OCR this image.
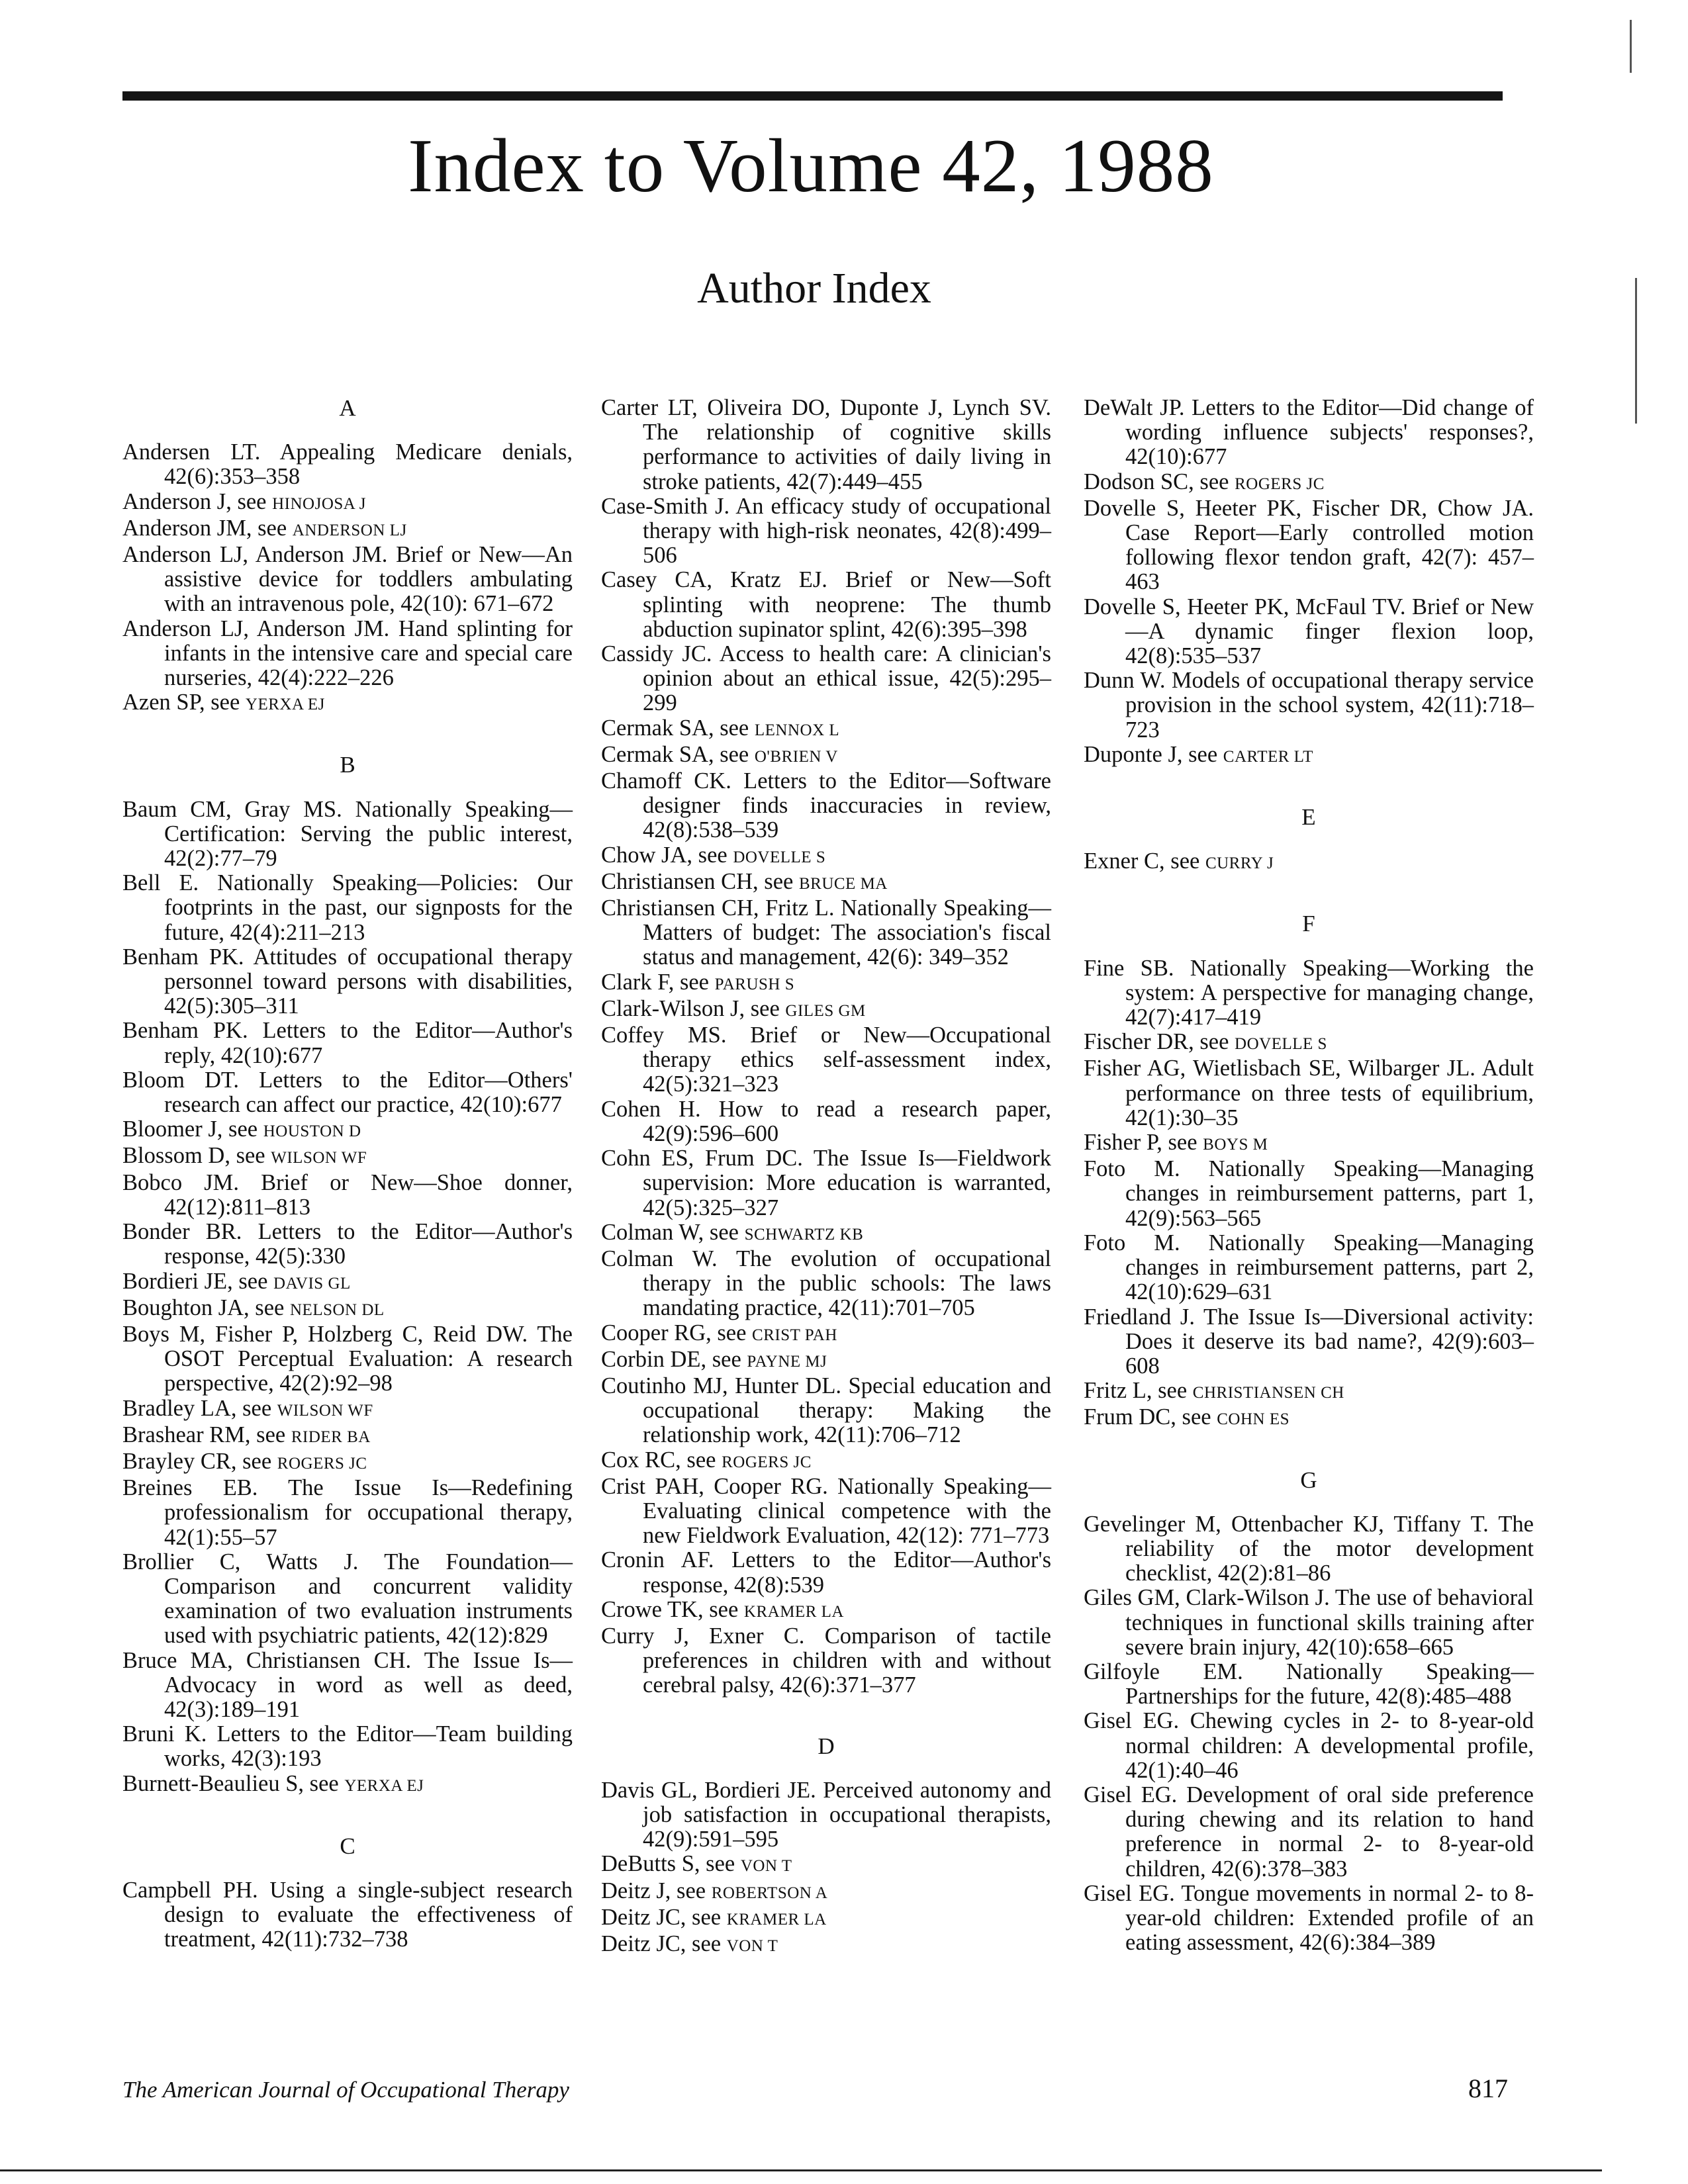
Index to Volume 42, 1988
Author Index

A

Andersen LT. Appealing Medicare denials, 42(6):353–358

Anderson J, see HINOJOSA J

Anderson JM, see ANDERSON LJ

Anderson LJ, Anderson JM. Brief or New—An assistive device for toddlers ambulating with an intravenous pole, 42(10): 671–672

Anderson LJ, Anderson JM. Hand splinting for infants in the intensive care and special care nurseries, 42(4):222–226

Azen SP, see YERXA EJ

B

Baum CM, Gray MS. Nationally Speaking—Certification: Serving the public interest, 42(2):77–79

Bell E. Nationally Speaking—Policies: Our footprints in the past, our signposts for the future, 42(4):211–213

Benham PK. Attitudes of occupational therapy personnel toward persons with disabilities, 42(5):305–311

Benham PK. Letters to the Editor—Author's reply, 42(10):677

Bloom DT. Letters to the Editor—Others' research can affect our practice, 42(10):677

Bloomer J, see HOUSTON D

Blossom D, see WILSON WF

Bobco JM. Brief or New—Shoe donner, 42(12):811–813

Bonder BR. Letters to the Editor—Author's response, 42(5):330

Bordieri JE, see DAVIS GL

Boughton JA, see NELSON DL

Boys M, Fisher P, Holzberg C, Reid DW. The OSOT Perceptual Evaluation: A research perspective, 42(2):92–98

Bradley LA, see WILSON WF

Brashear RM, see RIDER BA

Brayley CR, see ROGERS JC

Breines EB. The Issue Is—Redefining professionalism for occupational therapy, 42(1):55–57

Brollier C, Watts J. The Foundation—Comparison and concurrent validity examination of two evaluation instruments used with psychiatric patients, 42(12):829

Bruce MA, Christiansen CH. The Issue Is—Advocacy in word as well as deed, 42(3):189–191

Bruni K. Letters to the Editor—Team building works, 42(3):193

Burnett-Beaulieu S, see YERXA EJ

C

Campbell PH. Using a single-subject research design to evaluate the effectiveness of treatment, 42(11):732–738

Carter LT, Oliveira DO, Duponte J, Lynch SV. The relationship of cognitive skills performance to activities of daily living in stroke patients, 42(7):449–455

Case-Smith J. An efficacy study of occupational therapy with high-risk neonates, 42(8):499–506

Casey CA, Kratz EJ. Brief or New—Soft splinting with neoprene: The thumb abduction supinator splint, 42(6):395–398

Cassidy JC. Access to health care: A clinician's opinion about an ethical issue, 42(5):295–299

Cermak SA, see LENNOX L

Cermak SA, see O'BRIEN V

Chamoff CK. Letters to the Editor—Software designer finds inaccuracies in review, 42(8):538–539

Chow JA, see DOVELLE S

Christiansen CH, see BRUCE MA

Christiansen CH, Fritz L. Nationally Speaking—Matters of budget: The association's fiscal status and management, 42(6): 349–352

Clark F, see PARUSH S

Clark-Wilson J, see GILES GM

Coffey MS. Brief or New—Occupational therapy ethics self-assessment index, 42(5):321–323

Cohen H. How to read a research paper, 42(9):596–600

Cohn ES, Frum DC. The Issue Is—Fieldwork supervision: More education is warranted, 42(5):325–327

Colman W, see SCHWARTZ KB

Colman W. The evolution of occupational therapy in the public schools: The laws mandating practice, 42(11):701–705

Cooper RG, see CRIST PAH

Corbin DE, see PAYNE MJ

Coutinho MJ, Hunter DL. Special education and occupational therapy: Making the relationship work, 42(11):706–712

Cox RC, see ROGERS JC

Crist PAH, Cooper RG. Nationally Speaking—Evaluating clinical competence with the new Fieldwork Evaluation, 42(12): 771–773

Cronin AF. Letters to the Editor—Author's response, 42(8):539

Crowe TK, see KRAMER LA

Curry J, Exner C. Comparison of tactile preferences in children with and without cerebral palsy, 42(6):371–377

D

Davis GL, Bordieri JE. Perceived autonomy and job satisfaction in occupational therapists, 42(9):591–595

DeButts S, see VON T

Deitz J, see ROBERTSON A

Deitz JC, see KRAMER LA

Deitz JC, see VON T

DeWalt JP. Letters to the Editor—Did change of wording influence subjects' responses?, 42(10):677

Dodson SC, see ROGERS JC

Dovelle S, Heeter PK, Fischer DR, Chow JA. Case Report—Early controlled motion following flexor tendon graft, 42(7): 457–463

Dovelle S, Heeter PK, McFaul TV. Brief or New—A dynamic finger flexion loop, 42(8):535–537

Dunn W. Models of occupational therapy service provision in the school system, 42(11):718–723

Duponte J, see CARTER LT

E

Exner C, see CURRY J

F

Fine SB. Nationally Speaking—Working the system: A perspective for managing change, 42(7):417–419

Fischer DR, see DOVELLE S

Fisher AG, Wietlisbach SE, Wilbarger JL. Adult performance on three tests of equilibrium, 42(1):30–35

Fisher P, see BOYS M

Foto M. Nationally Speaking—Managing changes in reimbursement patterns, part 1, 42(9):563–565

Foto M. Nationally Speaking—Managing changes in reimbursement patterns, part 2, 42(10):629–631

Friedland J. The Issue Is—Diversional activity: Does it deserve its bad name?, 42(9):603–608

Fritz L, see CHRISTIANSEN CH

Frum DC, see COHN ES

G

Gevelinger M, Ottenbacher KJ, Tiffany T. The reliability of the motor development checklist, 42(2):81–86

Giles GM, Clark-Wilson J. The use of behavioral techniques in functional skills training after severe brain injury, 42(10):658–665

Gilfoyle EM. Nationally Speaking—Partnerships for the future, 42(8):485–488

Gisel EG. Chewing cycles in 2- to 8-year-old normal children: A developmental profile, 42(1):40–46

Gisel EG. Development of oral side preference during chewing and its relation to hand preference in normal 2- to 8-year-old children, 42(6):378–383

Gisel EG. Tongue movements in normal 2- to 8-year-old children: Extended profile of an eating assessment, 42(6):384–389

The American Journal of Occupational Therapy	817
